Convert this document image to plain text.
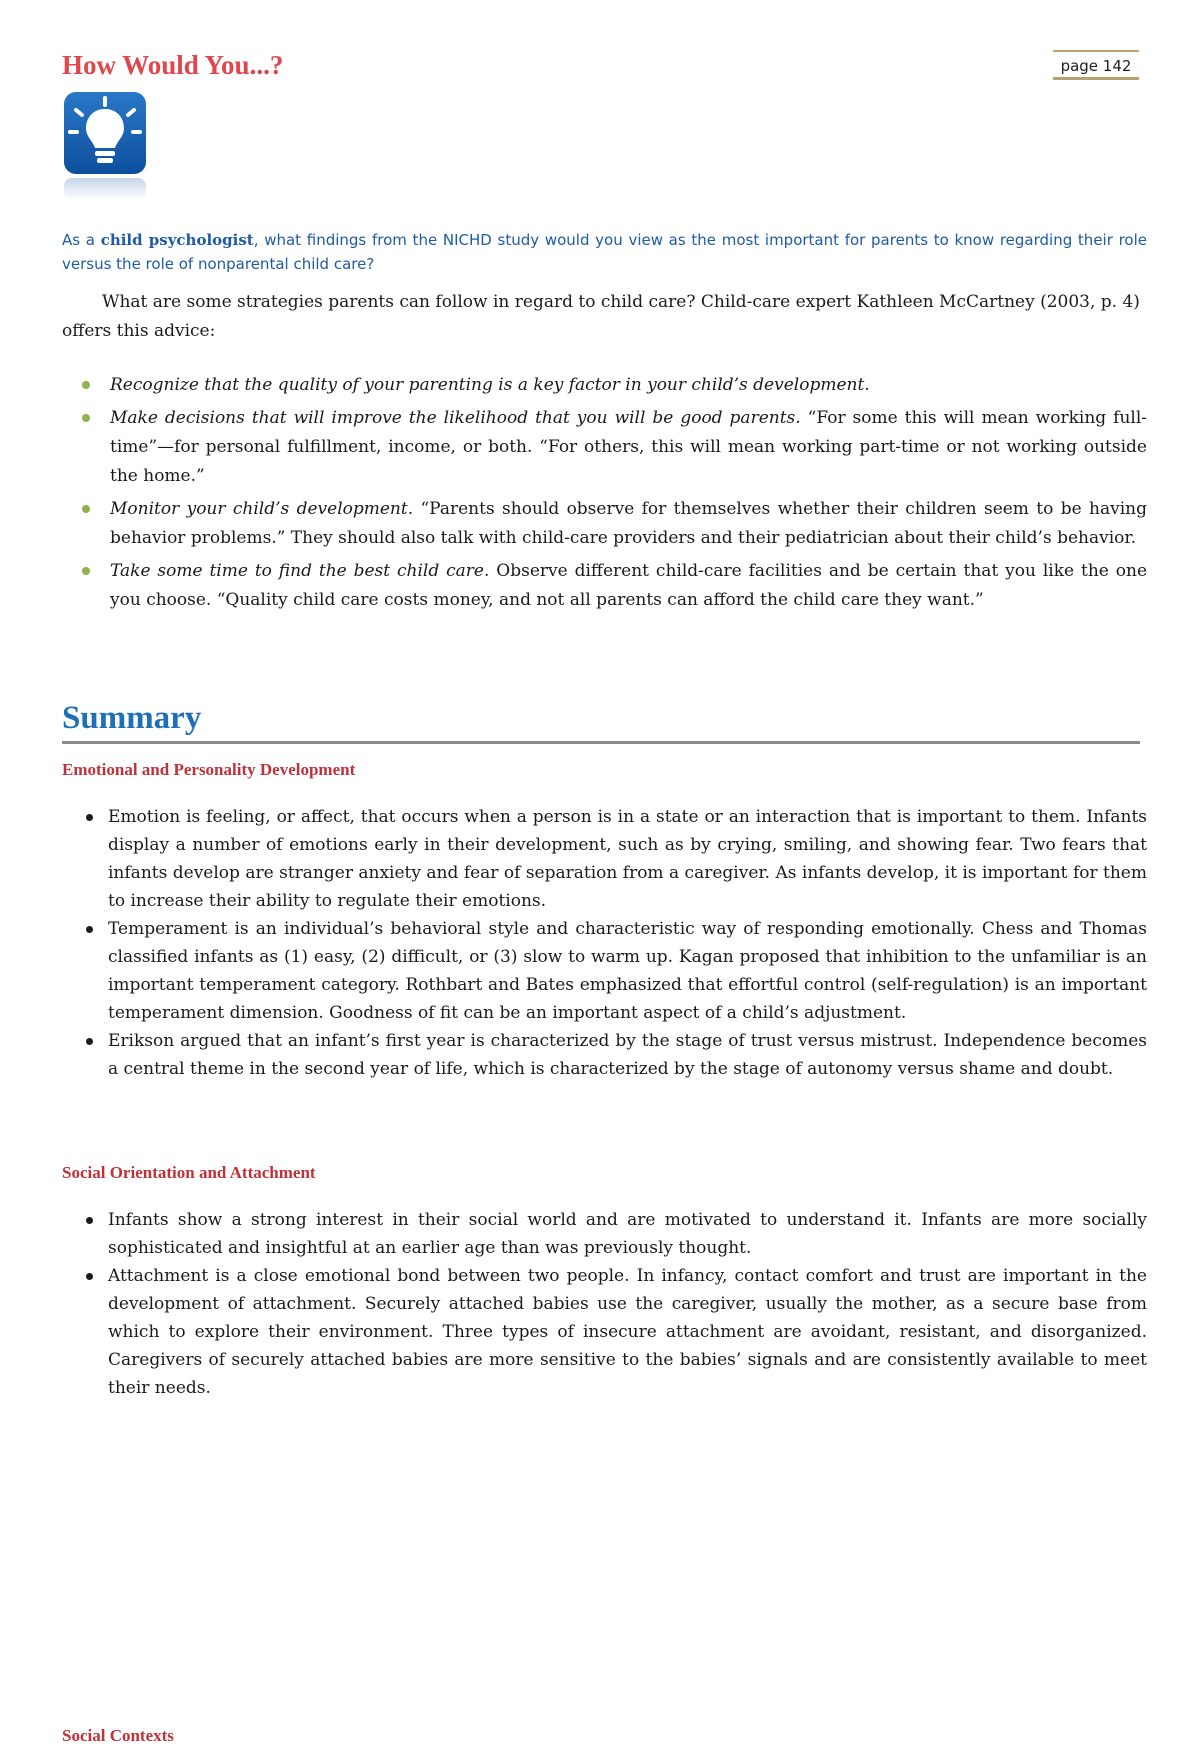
How Would You...?	page 142
As a child psychologist, what findings from the NICHD study would you view as the most important for parents to know regarding their role versus the role of nonparental child care?

What are some strategies parents can follow in regard to child care? Child-care expert Kathleen McCartney (2003, p. 4) offers this advice:

Recognize that the quality of your parenting is a key factor in your child’s development.
Make decisions that will improve the likelihood that you will be good parents. “For some this will mean working full-time”—for personal fulfillment, income, or both. “For others, this will mean working part-time or not working outside the home.”
Monitor your child’s development. “Parents should observe for themselves whether their children seem to be having behavior problems.” They should also talk with child-care providers and their pediatrician about their child’s behavior.
Take some time to find the best child care. Observe different child-care facilities and be certain that you like the one you choose. “Quality child care costs money, and not all parents can afford the child care they want.”
Summary
Emotional and Personality Development
Emotion is feeling, or affect, that occurs when a person is in a state or an interaction that is important to them. Infants display a number of emotions early in their development, such as by crying, smiling, and showing fear. Two fears that infants develop are stranger anxiety and fear of separation from a caregiver. As infants develop, it is important for them to increase their ability to regulate their emotions.
Temperament is an individual’s behavioral style and characteristic way of responding emotionally. Chess and Thomas classified infants as (1) easy, (2) difficult, or (3) slow to warm up. Kagan proposed that inhibition to the unfamiliar is an important temperament category. Rothbart and Bates emphasized that effortful control (self-regulation) is an important temperament dimension. Goodness of fit can be an important aspect of a child’s adjustment.
Erikson argued that an infant’s first year is characterized by the stage of trust versus mistrust. Independence becomes a central theme in the second year of life, which is characterized by the stage of autonomy versus shame and doubt.
Social Orientation and Attachment
Infants show a strong interest in their social world and are motivated to understand it. Infants are more socially sophisticated and insightful at an earlier age than was previously thought.
Attachment is a close emotional bond between two people. In infancy, contact comfort and trust are important in the development of attachment. Securely attached babies use the caregiver, usually the mother, as a secure base from which to explore their environment. Three types of insecure attachment are avoidant, resistant, and disorganized. Caregivers of securely attached babies are more sensitive to the babies’ signals and are consistently available to meet their needs.
Social Contexts
